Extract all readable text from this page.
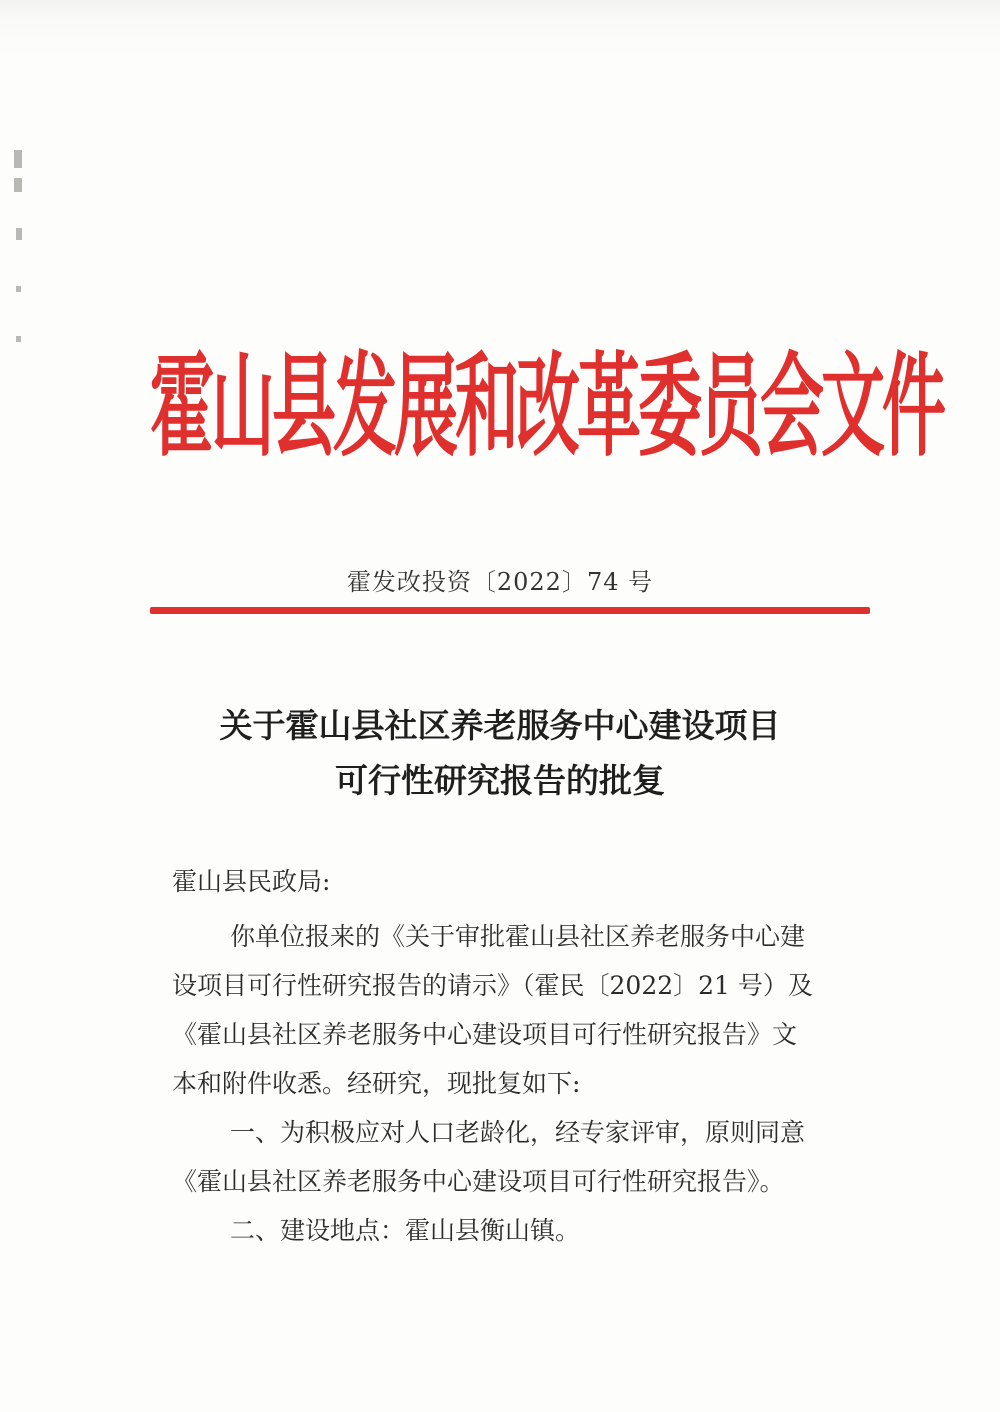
霍山县发展和改革委员会文件
霍发改投资〔2022〕74 号
关于霍山县社区养老服务中心建设项目
可行性研究报告的批复
霍山县民政局:
你单位报来的《关于审批霍山县社区养老服务中心建
设项目可行性研究报告的请示》（霍民〔2022〕21 号）及
《霍山县社区养老服务中心建设项目可行性研究报告》文
本和附件收悉。经研究，现批复如下:
一、为积极应对人口老龄化，经专家评审，原则同意
《霍山县社区养老服务中心建设项目可行性研究报告》。
二、建设地点：霍山县衡山镇。
